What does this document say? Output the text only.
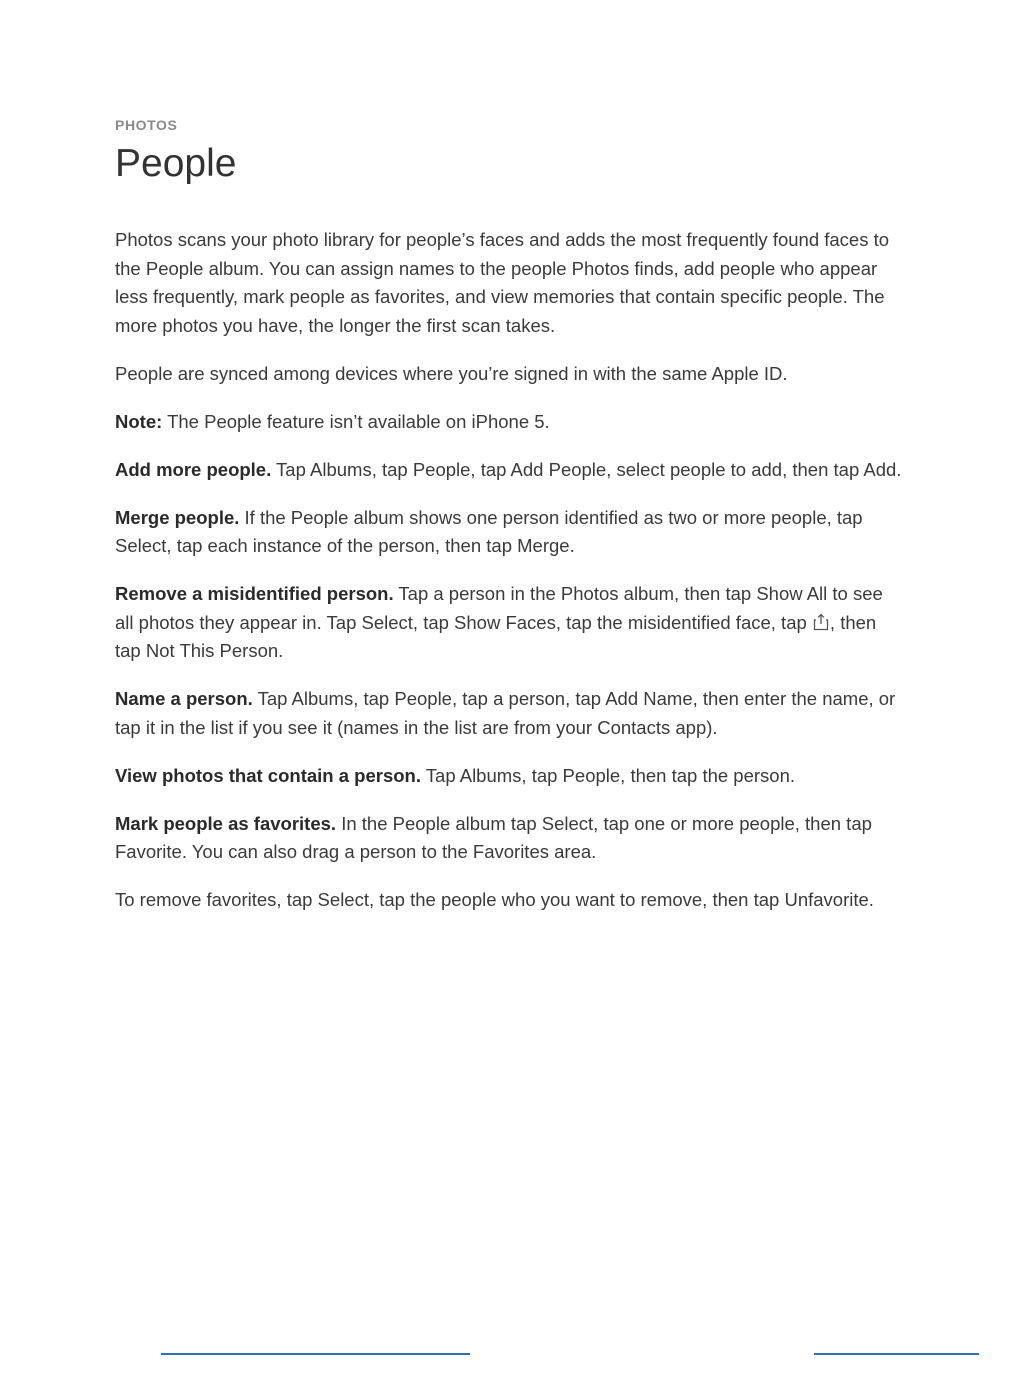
PHOTOS
People

Photos scans your photo library for people’s faces and adds the most frequently found faces to the People album. You can assign names to the people Photos finds, add people who appear less frequently, mark people as favorites, and view memories that contain specific people. The more photos you have, the longer the first scan takes.

People are synced among devices where you’re signed in with the same Apple ID.

Note: The People feature isn’t available on iPhone 5.

Add more people. Tap Albums, tap People, tap Add People, select people to add, then tap Add.

Merge people. If the People album shows one person identified as two or more people, tap Select, tap each instance of the person, then tap Merge.

Remove a misidentified person. Tap a person in the Photos album, then tap Show All to see all photos they appear in. Tap Select, tap Show Faces, tap the misidentified face, tap , then tap Not This Person.

Name a person. Tap Albums, tap People, tap a person, tap Add Name, then enter the name, or tap it in the list if you see it (names in the list are from your Contacts app).

View photos that contain a person. Tap Albums, tap People, then tap the person.

Mark people as favorites. In the People album tap Select, tap one or more people, then tap Favorite. You can also drag a person to the Favorites area.

To remove favorites, tap Select, tap the people who you want to remove, then tap Unfavorite.
